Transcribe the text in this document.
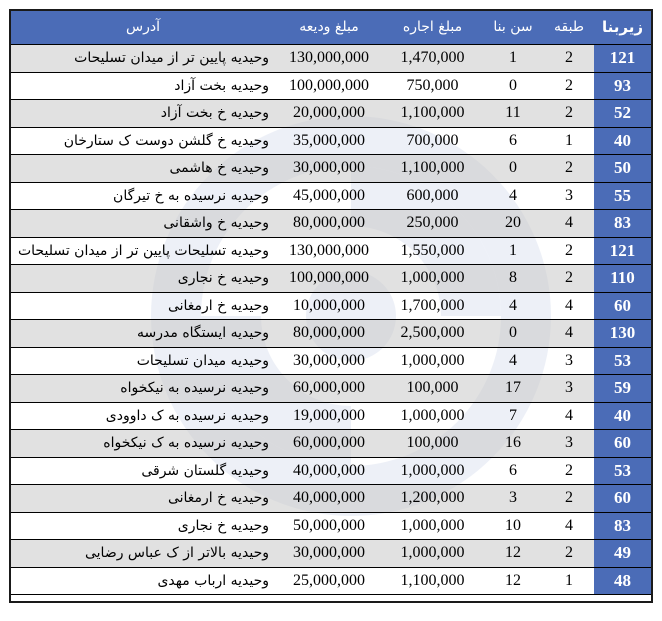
زیربنا	طبقه	سن بنا	مبلغ اجاره	مبلغ ودیعه	آدرس
121	2	1	1,470,000	130,000,000	وحیدیه پایین تر از میدان تسلیحات
93	2	0	750,000	100,000,000	وحیدیه بخت آزاد
52	2	11	1,100,000	20,000,000	وحیدیه خ بخت آزاد
40	1	6	700,000	35,000,000	وحیدیه خ گلشن دوست ک ستارخان
50	2	0	1,100,000	30,000,000	وحیدیه خ هاشمی
55	3	4	600,000	45,000,000	وحیدیه نرسیده به خ تیرگان
83	4	20	250,000	80,000,000	وحیدیه خ واشقانی
121	2	1	1,550,000	130,000,000	وحیدیه تسلیحات پایین تر از میدان تسلیحات
110	2	8	1,000,000	100,000,000	وحیدیه خ نجاری
60	4	4	1,700,000	10,000,000	وحیدیه خ ارمغانی
130	4	0	2,500,000	80,000,000	وحیدیه ایستگاه مدرسه
53	3	4	1,000,000	30,000,000	وحیدیه میدان تسلیحات
59	3	17	100,000	60,000,000	وحیدیه نرسیده به نیکخواه
40	4	7	1,000,000	19,000,000	وحیدیه نرسیده به ک داوودی
60	3	16	100,000	60,000,000	وحیدیه نرسیده به ک نیکخواه
53	2	6	1,000,000	40,000,000	وحیدیه گلستان شرقی
60	2	3	1,200,000	40,000,000	وحیدیه خ ارمغانی
83	4	10	1,000,000	50,000,000	وحیدیه خ نجاری
49	2	12	1,000,000	30,000,000	وحیدیه بالاتر از ک عباس رضایی
48	1	12	1,100,000	25,000,000	وحیدیه ارباب مهدی
